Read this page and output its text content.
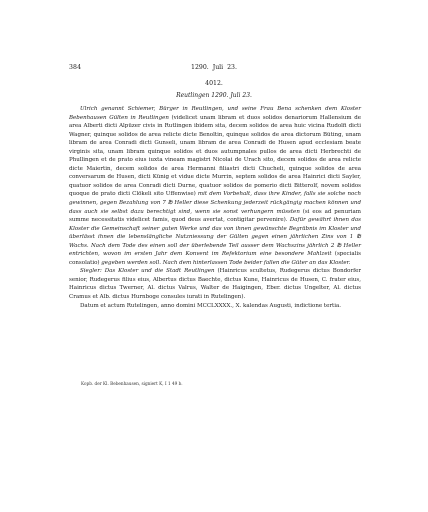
384	1290. Juli 23.
4012.
Reutlingen 1290. Juli 23.

Ulrich genannt Schiemer, Bürger in Reutlingen, und seine Frau Bena schenken dem Kloster Bebenhausen Gülten in Reutlingen (videlicet unam libram et duos solidos denariorum Hallensium de area Alberti dicti Alpüzer civis in Rutlingen ibidem sita, decem solidos de area huic vicina Rudolfi dicti Wagner, quinque solidos de area relicte dicte Benoltin, quinque solidos de area dictorum Büting, unam libram de area Conradi dicti Gunseli, unam libram de area Conradi de Husen apud ecclesiam beate virginis sita, unam libram quinque solidos et duos autumpnales pullos de area dicti Herbrechti de Phullingen et de prato eius iuxta vineam magistri Nicolai de Urach sito, decem solidos de area relicte dicte Maiertin, decem solidos de area Hermanni filiastri dicti Chucheli, quinque solidos de area conversarum de Husen, dicti Künig et vidue dicte Murrin, septem solidos de area Hainrici dicti Sayler, quatuor solidos de area Conradi dicti Durne, quatuor solidos de pomerio dicti Bitterolf, novem solidos quoque de prato dicti Clökeli sito Uffenwise) mit dem Vorbehalt, dass ihre Kinder, falls sie solche noch gewinnen, gegen Bezahlung von 7 ℔ Heller diese Schenkung jederzeit rückgängig machen können und dass auch sie selbst dazu berechtigt sind, wenn sie sonst verhungern müssten (si eos ad penuriam summe necessitatis videlicet famis, quod deus avertat, contigitar pervenire). Dafür gewährt ihnen das Kloster die Gemeinschaft seiner guten Werke und das von ihnen gewünschte Begräbnis im Kloster und überlässt ihnen die lebenslängliche Nutzniessung der Gülten gegen einen jährlichen Zins von 1 ℔ Wachs. Nach dem Tode des einen soll der überlebende Teil ausser dem Wachszins jährlich 2 ℔ Heller entrichten, wovon im ersten Jahr dem Konvent im Refektorium eine besondere Mahlzeit (specialis consolatio) gegeben werden soll. Nach dem hinterlassen Tode beider fallen die Güter an das Kloster.

Siegler: Das Kloster und die Stadt Reutlingen (Hainricus scultetus, Rudegerus dictus Bondorfer senior, Rudegerus filius eius, Albertus dictus Baechte, dictus Kune, Hainricus de Husen, C. frater eius, Hainricus dictus Twerner, Al. dictus Valrus, Walter de Haigingen, Eber. dictus Ungelter, Al. dictus Cramus et Alb. dictus Hurnboge consules iurati in Rutelingen).

Datum et actum Rutelingen, anno domini MCCLXXXX., X. kalendas Augusti, indictione tertia.

Kopb. der Kl. Bebenhausen, signiert K, I 1 49 b.
